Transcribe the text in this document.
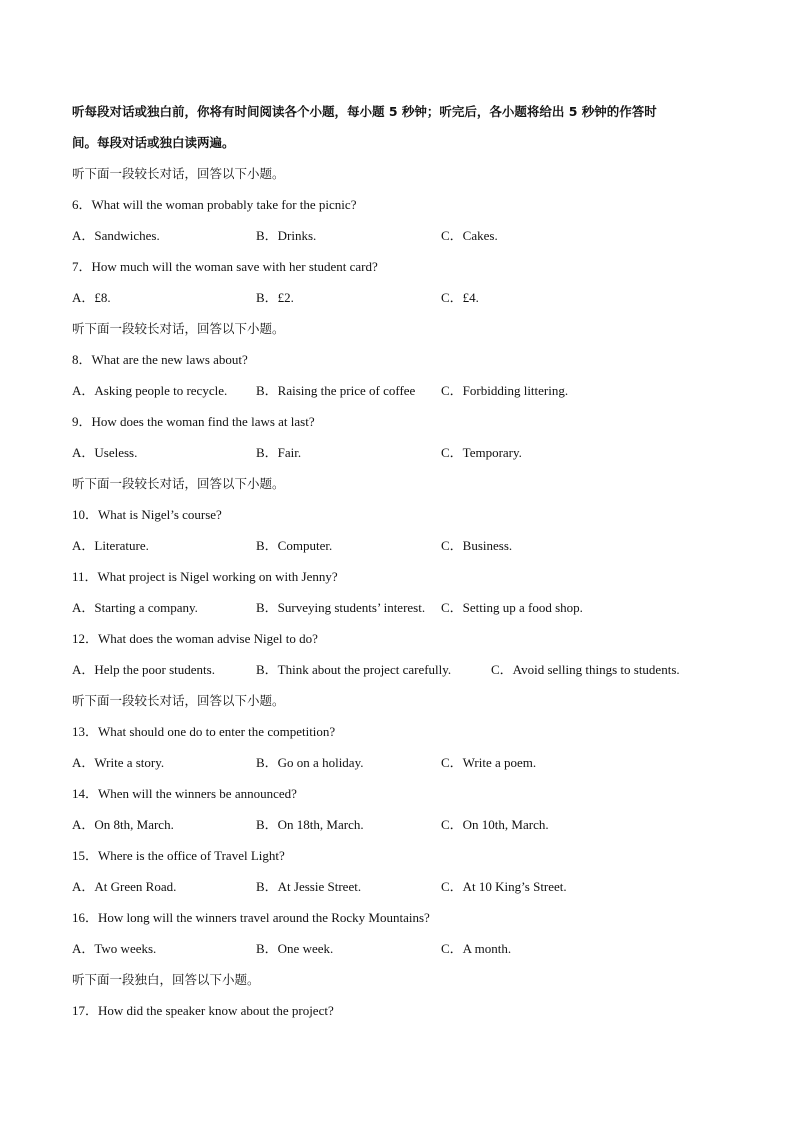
听每段对话或独白前，你将有时间阅读各个小题，每小题 5 秒钟；听完后，各小题将给出 5 秒钟的作答时
间。每段对话或独白读两遍。
听下面一段较长对话，回答以下小题。
6．What will the woman probably take for the picnic?
A．Sandwiches.	B．Drinks.	C．Cakes.
7．How much will the woman save with her student card?
A．£8.	B．£2.	C．£4.
听下面一段较长对话，回答以下小题。
8．What are the new laws about?
A．Asking people to recycle. B．Raising the price of coffee C．Forbidding littering.
9．How does the woman find the laws at last?
A．Useless.	B．Fair.	C．Temporary.
听下面一段较长对话，回答以下小题。
10．What is Nigel’s course?
A．Literature.	B．Computer.	C．Business.
11．What project is Nigel working on with Jenny?
A．Starting a company.	B．Surveying students’ interest. C．Setting up a food shop.
12．What does the woman advise Nigel to do?
A．Help the poor students.	B．Think about the project carefully.	C．Avoid selling things to students.
听下面一段较长对话，回答以下小题。
13．What should one do to enter the competition?
A．Write a story.	B．Go on a holiday.	C．Write a poem.
14．When will the winners be announced?
A．On 8th, March.	B．On 18th, March.	C．On 10th, March.
15．Where is the office of Travel Light?
A．At Green Road.	B．At Jessie Street.	C．At 10 King’s Street.
16．How long will the winners travel around the Rocky Mountains?
A．Two weeks.	B．One week.	C．A month.
听下面一段独白，回答以下小题。
17．How did the speaker know about the project?
